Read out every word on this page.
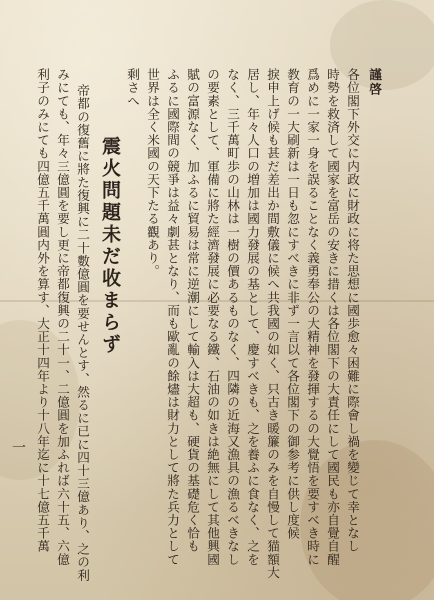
謹啓
各位閣下外交に内政に財政に将た思想に國歩愈々困難に際會し禍を變じて幸となし
時勢を救済して國家を富岳の安きに措くは各位閣下の大責任にして國民も亦自覺自醒
爲めに一家一身を誤ることなく義勇奉公の大精神を發揮するの大覺悟を要すべき時に
教育の一大刷新は一日も忽にすべきに非ず一言以て各位閣下の御参考に供し度候
捩申上げ候も甚だ差出か間敷儀に候へ共我國の如く、只古き暖簾のみを自慢して猫額大
居し、年々人口の増加は國力發展の基として、慶すべきも、之を養ふに食なく、之を
なく、三千萬町歩の山林は一樹の價あるものなく、四隣の近海又漁具の漁るべきなし
の要素として、軍備に將た經濟發展に必要なる鐵、石油の如きは絶無にして其他興國
賦の富源なく、加ふるに貿易は常に逆潮にして輸入は大超も、硬貨の基礎危く恰も
ふるに國際間の競爭は益々劇甚となり、而も歐亂の餘燼は財力として將た兵力として
世界は全く米國の天下たる觀あり。
剩さへ
震火問題未だ收まらず
帝都の復舊に將た復興に二十數億圓を要せんとす、然るに已に四十三億あり、之の利
みにても、年々三億圓を要し更に帝都復興の二十一、二億圓を加ふれば六十五、六億
利子のみにても四億五千萬圓内外を算す、大正十四年より十八年迄に十七億五千萬
一
